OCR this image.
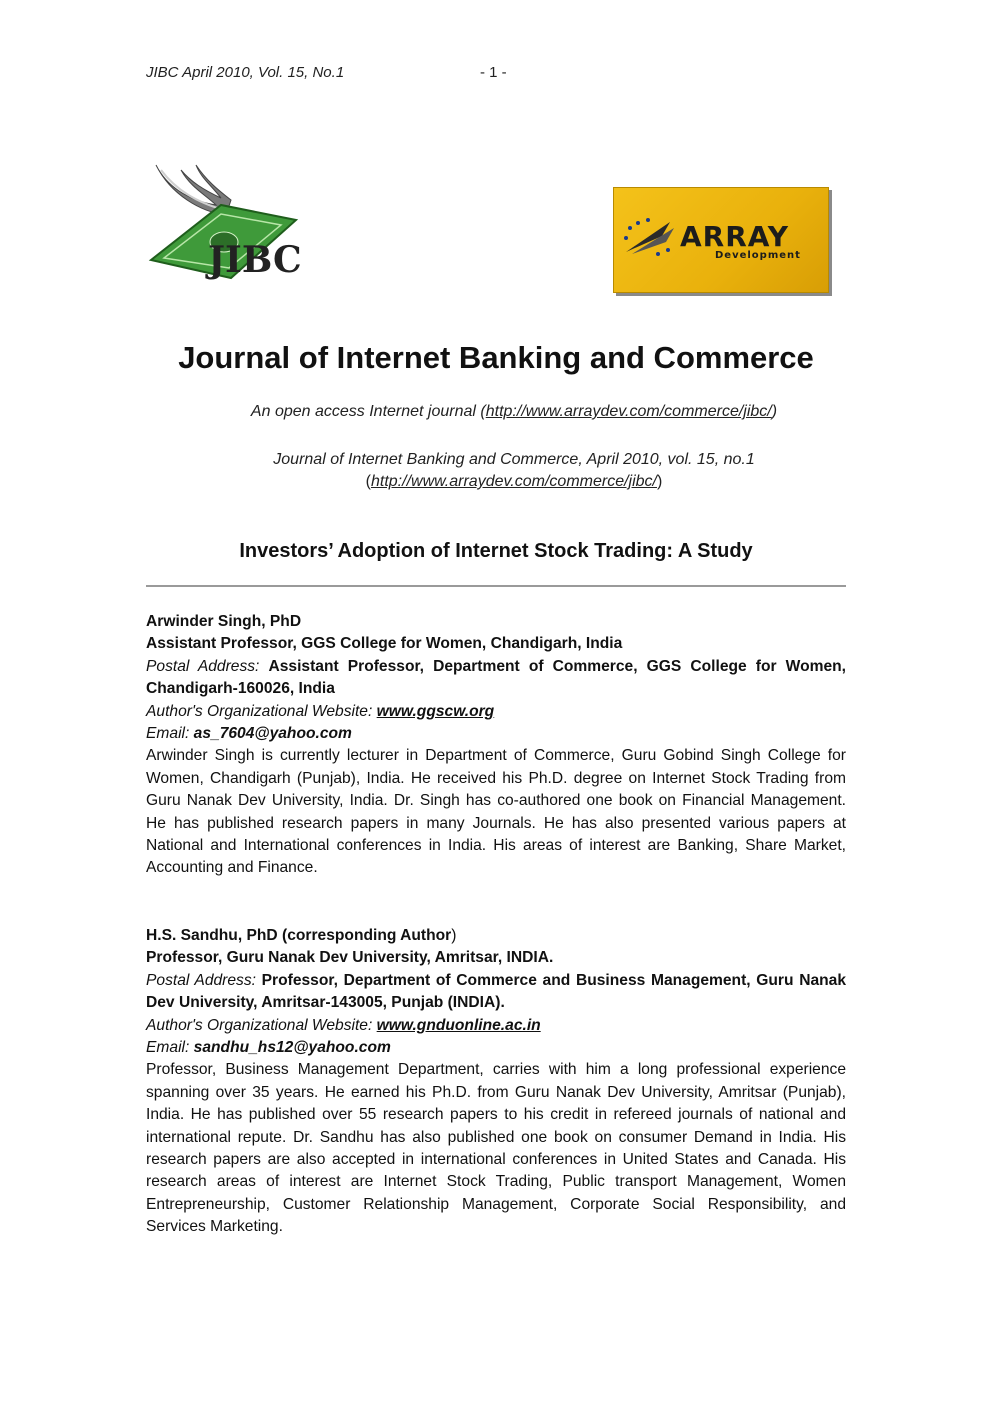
JIBC April 2010, Vol. 15, No.1	- 1 -
JIBC
ARRAY
Development
Journal of Internet Banking and Commerce
An open access Internet journal (http://www.arraydev.com/commerce/jibc/)
Journal of Internet Banking and Commerce, April 2010, vol. 15, no.1
(http://www.arraydev.com/commerce/jibc/)
Investors’ Adoption of Internet Stock Trading: A Study

Arwinder Singh, PhD

Assistant Professor, GGS College for Women, Chandigarh, India

Postal Address: Assistant Professor, Department of Commerce, GGS College for Women, Chandigarh-160026, India

Author's Organizational Website: www.ggscw.org

Email: as_7604@yahoo.com

Arwinder Singh is currently lecturer in Department of Commerce, Guru Gobind Singh College for Women, Chandigarh (Punjab), India. He received his Ph.D. degree on Internet Stock Trading from Guru Nanak Dev University, India. Dr. Singh has co-authored one book on Financial Management. He has published research papers in many Journals. He has also presented various papers at National and International conferences in India. His areas of interest are Banking, Share Market, Accounting and Finance.

H.S. Sandhu, PhD (corresponding Author)

Professor, Guru Nanak Dev University, Amritsar, INDIA.

Postal Address: Professor, Department of Commerce and Business Management, Guru Nanak Dev University, Amritsar-143005, Punjab (INDIA).

Author's Organizational Website: www.gnduonline.ac.in

Email: sandhu_hs12@yahoo.com

Professor, Business Management Department, carries with him a long professional experience spanning over 35 years. He earned his Ph.D. from Guru Nanak Dev University, Amritsar (Punjab), India. He has published over 55 research papers to his credit in refereed journals of national and international repute. Dr. Sandhu has also published one book on consumer Demand in India. His research papers are also accepted in international conferences in United States and Canada. His research areas of interest are Internet Stock Trading, Public transport Management, Women Entrepreneurship, Customer Relationship Management, Corporate Social Responsibility, and Services Marketing.
